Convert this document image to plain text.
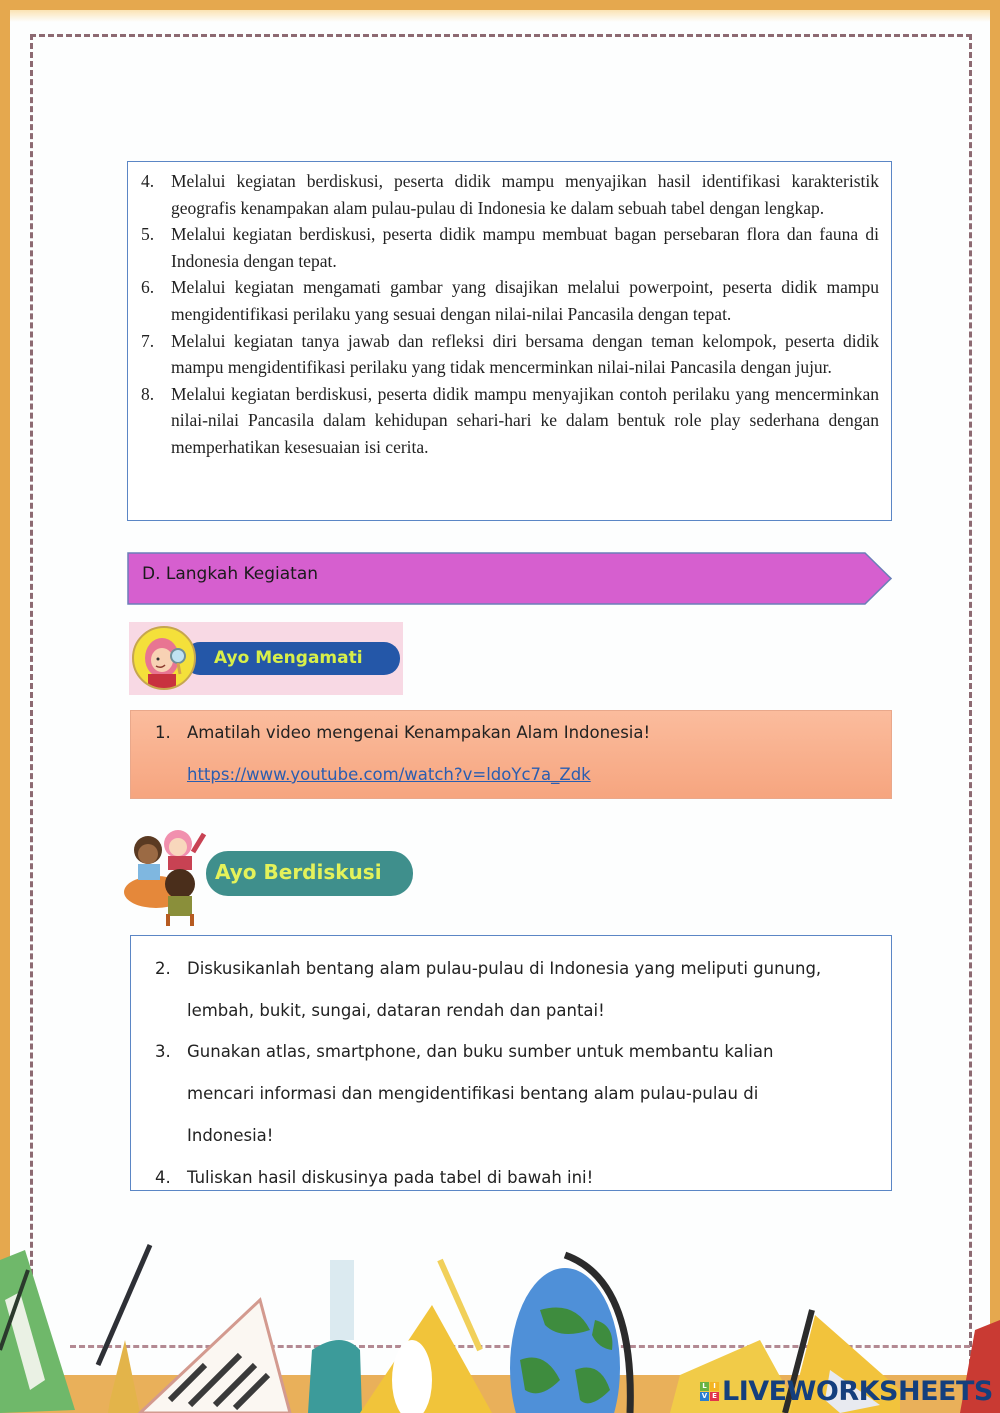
4. Melalui kegiatan berdiskusi, peserta didik mampu menyajikan hasil identifikasi karakteristik geografis kenampakan alam pulau-pulau di Indonesia ke dalam sebuah tabel dengan lengkap.
5. Melalui kegiatan berdiskusi, peserta didik mampu membuat bagan persebaran flora dan fauna di Indonesia dengan tepat.
6. Melalui kegiatan mengamati gambar yang disajikan melalui powerpoint, peserta didik mampu mengidentifikasi perilaku yang sesuai dengan nilai-nilai Pancasila dengan tepat.
7. Melalui kegiatan tanya jawab dan refleksi diri bersama dengan teman kelompok, peserta didik mampu mengidentifikasi perilaku yang tidak mencerminkan nilai-nilai Pancasila dengan jujur.
8. Melalui kegiatan berdiskusi, peserta didik mampu menyajikan contoh perilaku yang mencerminkan nilai-nilai Pancasila dalam kehidupan sehari-hari ke dalam bentuk role play sederhana dengan memperhatikan kesesuaian isi cerita.
D. Langkah Kegiatan
Ayo Mengamati
1. Amatilah video mengenai Kenampakan Alam Indonesia!
https://www.youtube.com/watch?v=ldoYc7a_Zdk
Ayo Berdiskusi
2. Diskusikanlah bentang alam pulau-pulau di Indonesia yang meliputi gunung,
lembah, bukit, sungai, dataran rendah dan pantai!
3. Gunakan atlas, smartphone, dan buku sumber untuk membantu kalian
mencari informasi dan mengidentifikasi bentang alam pulau-pulau di
Indonesia!
4. Tuliskan hasil diskusinya pada tabel di bawah ini!
L I
V E LIVEWORKSHEETS
